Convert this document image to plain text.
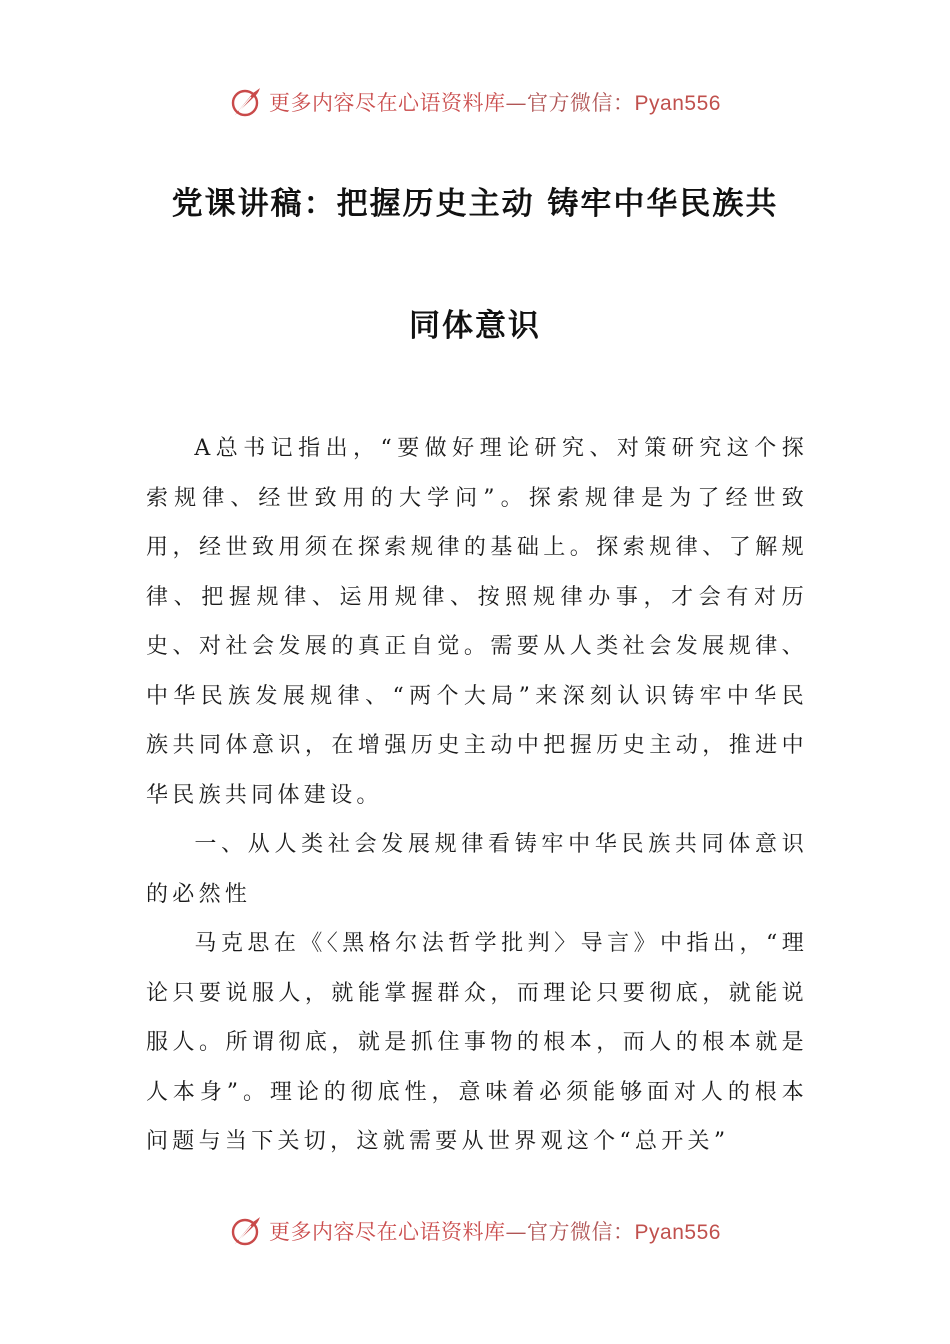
更多内容尽在心语资料库—官方微信：Pyan556
党课讲稿：把握历史主动 铸牢中华民族共
同体意识

A总书记指出，“要做好理论研究、对策研究这个探索规律、经世致用的大学问”。探索规律是为了经世致用，经世致用须在探索规律的基础上。探索规律、了解规律、把握规律、运用规律、按照规律办事，才会有对历史、对社会发展的真正自觉。需要从人类社会发展规律、中华民族发展规律、“两个大局”来深刻认识铸牢中华民族共同体意识，在增强历史主动中把握历史主动，推进中华民族共同体建设。

一、从人类社会发展规律看铸牢中华民族共同体意识的必然性

马克思在《〈黑格尔法哲学批判〉导言》中指出，“理论只要说服人，就能掌握群众，而理论只要彻底，就能说服人。所谓彻底，就是抓住事物的根本，而人的根本就是人本身”。理论的彻底性，意味着必须能够面对人的根本问题与当下关切，这就需要从世界观这个“总开关”

更多内容尽在心语资料库—官方微信：Pyan556
